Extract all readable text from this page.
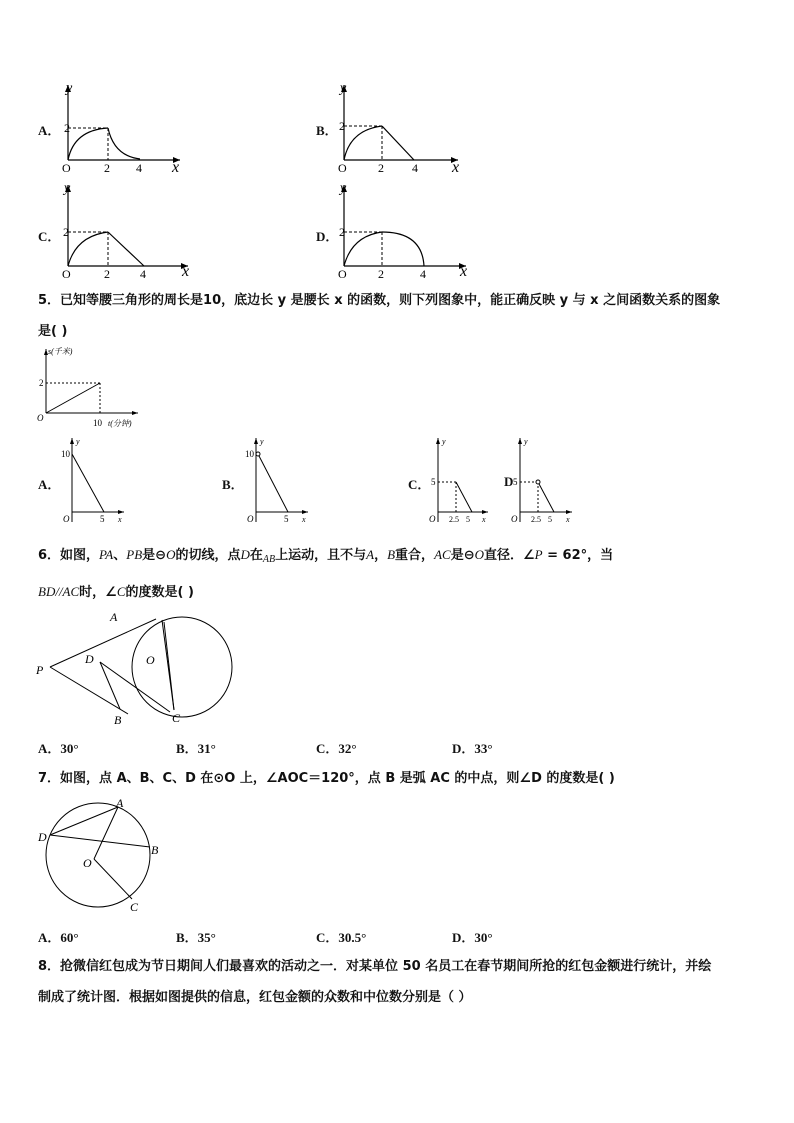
A．
y
2
O	2 4 x
B．
y
2
O	2 4 x
C．
y
2
O	2	4 x
D．
y
2
O	2	4 x
5．已知等腰三角形的周长是10，底边长 y 是腰长 x 的函数，则下列图象中，能正确反映 y 与 x 之间函数关系的图象
是( )
s(千米)
2
O	10 t(分钟)
A．
y
10
O	5 x
B．
y
10
O	5 x
C．
y
5
O 2.5 5 x
D
y
5
O 2.5 5 x
6．如图，PA、PB是⊖O的切线，点D在$_{AB}$上运动，且不与A，B重合，AC是⊖O直径．∠P = 62°，当
BD//AC时，∠C的度数是( )
A
P
D	O
B	C
A．30°	B．31°	C．32°	D．33°
7．如图，点 A、B、C、D 在⊙O 上，∠AOC＝120°，点 B 是弧 AC 的中点，则∠D 的度数是( )
A
D
B
O
C
A．60°	B．35°	C．30.5°	D．30°
8．抢微信红包成为节日期间人们最喜欢的活动之一．对某单位 50 名员工在春节期间所抢的红包金额进行统计，并绘
制成了统计图．根据如图提供的信息，红包金额的众数和中位数分别是（ ）
